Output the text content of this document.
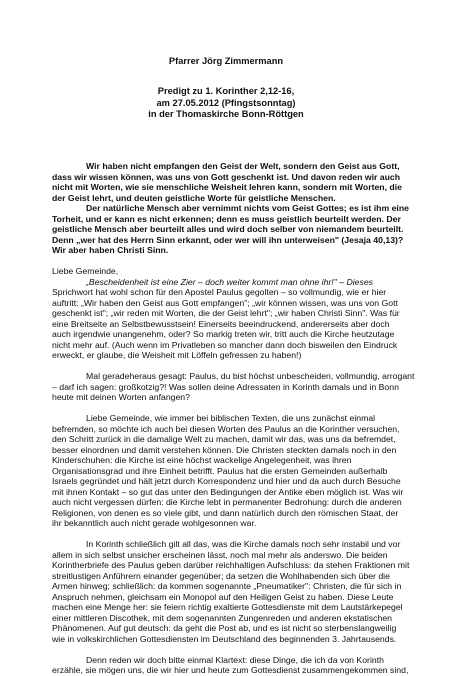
Pfarrer Jörg Zimmermann
Predigt zu 1. Korinther 2,12-16,
am 27.05.2012 (Pfingstsonntag)
in der Thomaskirche Bonn-Röttgen
Wir haben nicht empfangen den Geist der Welt, sondern den Geist aus Gott,
dass wir wissen können, was uns von Gott geschenkt ist. Und davon reden wir auch
nicht mit Worten, wie sie menschliche Weisheit lehren kann, sondern mit Worten, die
der Geist lehrt, und deuten geistliche Worte für geistliche Menschen.
Der natürliche Mensch aber vernimmt nichts vom Geist Gottes; es ist ihm eine
Torheit, und er kann es nicht erkennen; denn es muss geistlich beurteilt werden. Der
geistliche Mensch aber beurteilt alles und wird doch selber von niemandem beurteilt.
Denn „wer hat des Herrn Sinn erkannt, oder wer will ihn unterweisen" (Jesaja 40,13)?
Wir aber haben Christi Sinn.
Liebe Gemeinde,
„Bescheidenheit ist eine Zier – doch weiter kommt man ohne ihr!" – Dieses
Sprichwort hat wohl schon für den Apostel Paulus gegolten – so vollmundig, wie er hier
auftritt: „Wir haben den Geist aus Gott empfangen"; „wir können wissen, was uns von Gott
geschenkt ist"; „wir reden mit Worten, die der Geist lehrt"; „wir haben Christi Sinn". Was für
eine Breitseite an Selbstbewusstsein! Einerseits beeindruckend, andererseits aber doch
auch irgendwie unangenehm, oder? So markig treten wir, tritt auch die Kirche heutzutage
nicht mehr auf. (Auch wenn im Privatleben so mancher dann doch bisweilen den Eindruck
erweckt, er glaube, die Weisheit mit Löffeln gefressen zu haben!)
Mal geradeheraus gesagt: Paulus, du bist höchst unbescheiden, vollmundig, arrogant
– darf ich sagen: großkotzig?! Was sollen deine Adressaten in Korinth damals und in Bonn
heute mit deinen Worten anfangen?
Liebe Gemeinde, wie immer bei biblischen Texten, die uns zunächst einmal
befremden, so möchte ich auch bei diesen Worten des Paulus an die Korinther versuchen,
den Schritt zurück in die damalige Welt zu machen, damit wir das, was uns da befremdet,
besser einordnen und damit verstehen können. Die Christen steckten damals noch in den
Kinderschuhen: die Kirche ist eine höchst wackelige Angelegenheit, was ihren
Organisationsgrad und ihre Einheit betrifft. Paulus hat die ersten Gemeinden außerhalb
Israels gegründet und hält jetzt durch Korrespondenz und hier und da auch durch Besuche
mit ihnen Kontakt – so gut das unter den Bedingungen der Antike eben möglich ist. Was wir
auch nicht vergessen dürfen: die Kirche lebt in permanenter Bedrohung: durch die anderen
Religionen, von denen es so viele gibt, und dann natürlich durch den römischen Staat, der
ihr bekanntlich auch nicht gerade wohlgesonnen war.
In Korinth schließlich gilt all das, was die Kirche damals noch sehr instabil und vor
allem in sich selbst unsicher erscheinen lässt, noch mal mehr als anderswo. Die beiden
Korintherbriefe des Paulus geben darüber reichhaltigen Aufschluss: da stehen Fraktionen mit
streitlustigen Anführern einander gegenüber; da setzen die Wohlhabenden sich über die
Armen hinweg; schließlich: da kommen sogenannte „Pneumatiker": Christen, die für sich in
Anspruch nehmen, gleichsam ein Monopol auf den Heiligen Geist zu haben. Diese Leute
machen eine Menge her: sie feiern richtig exaltierte Gottesdienste mit dem Lautstärkepegel
einer mittleren Discothek, mit dem sogenannten Zungenreden und anderen ekstatischen
Phänomenen. Auf gut deutsch: da geht die Post ab, und es ist nicht so sterbenslangweilig
wie in volkskirchlichen Gottesdiensten im Deutschland des beginnenden 3. Jahrtausends.
Denn reden wir doch bitte einmal Klartext: diese Dinge, die ich da von Korinth
erzähle, sie mögen uns, die wir hier und heute zum Gottesdienst zusammengekommen sind,
